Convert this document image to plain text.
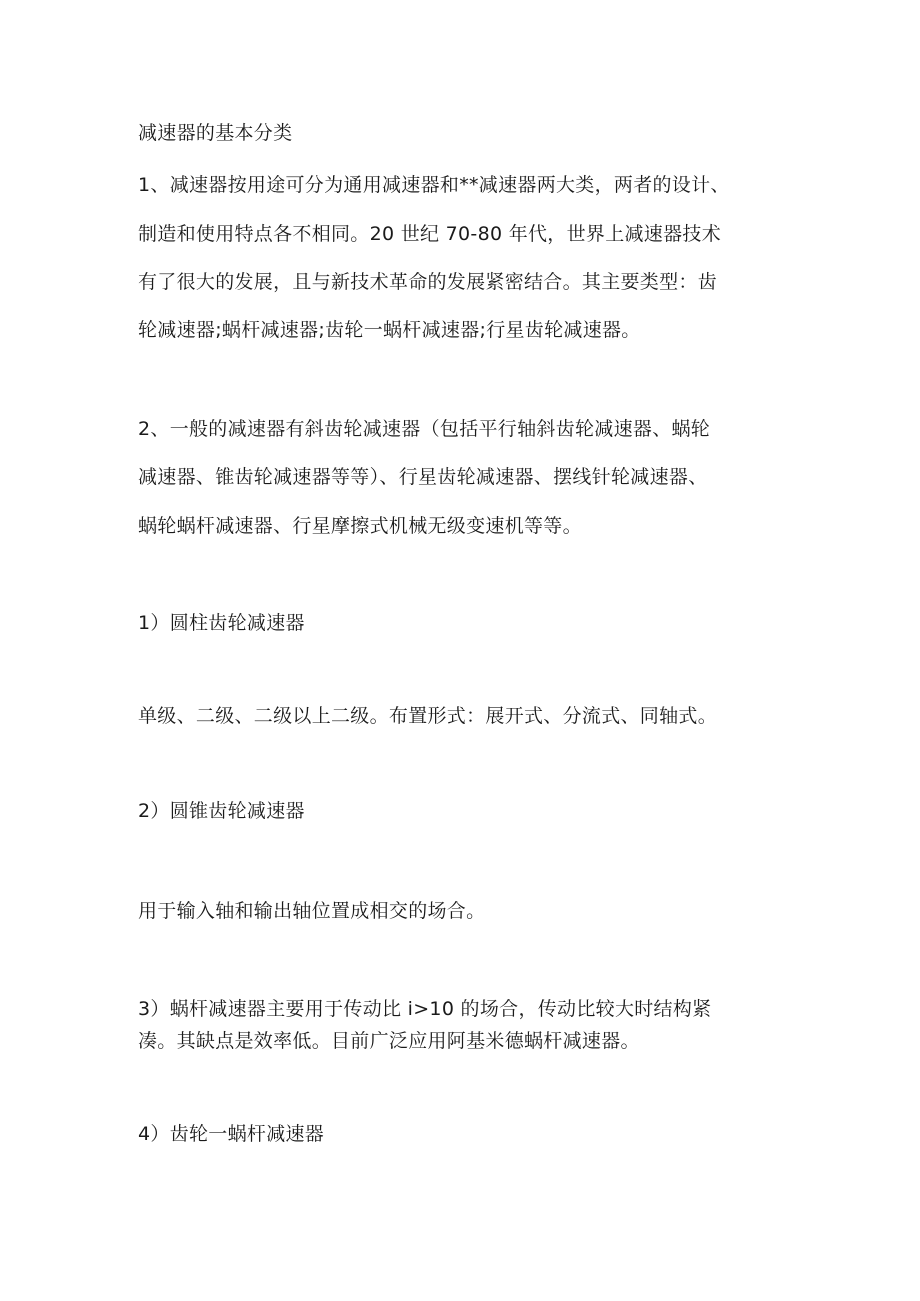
减速器的基本分类
1、减速器按用途可分为通用减速器和**减速器两大类，两者的设计、
制造和使用特点各不相同。20 世纪 70-80 年代，世界上减速器技术
有了很大的发展，且与新技术革命的发展紧密结合。其主要类型：齿
轮减速器;蜗杆减速器;齿轮一蜗杆减速器;行星齿轮减速器。
2、一般的减速器有斜齿轮减速器（包括平行轴斜齿轮减速器、蜗轮
减速器、锥齿轮减速器等等）、行星齿轮减速器、摆线针轮减速器、
蜗轮蜗杆减速器、行星摩擦式机械无级变速机等等。
1）圆柱齿轮减速器
单级、二级、二级以上二级。布置形式：展开式、分流式、同轴式。
2）圆锥齿轮减速器
用于输入轴和输出轴位置成相交的场合。
3）蜗杆减速器主要用于传动比 i>10 的场合，传动比较大时结构紧
凑。其缺点是效率低。目前广泛应用阿基米德蜗杆减速器。
4）齿轮一蜗杆减速器
